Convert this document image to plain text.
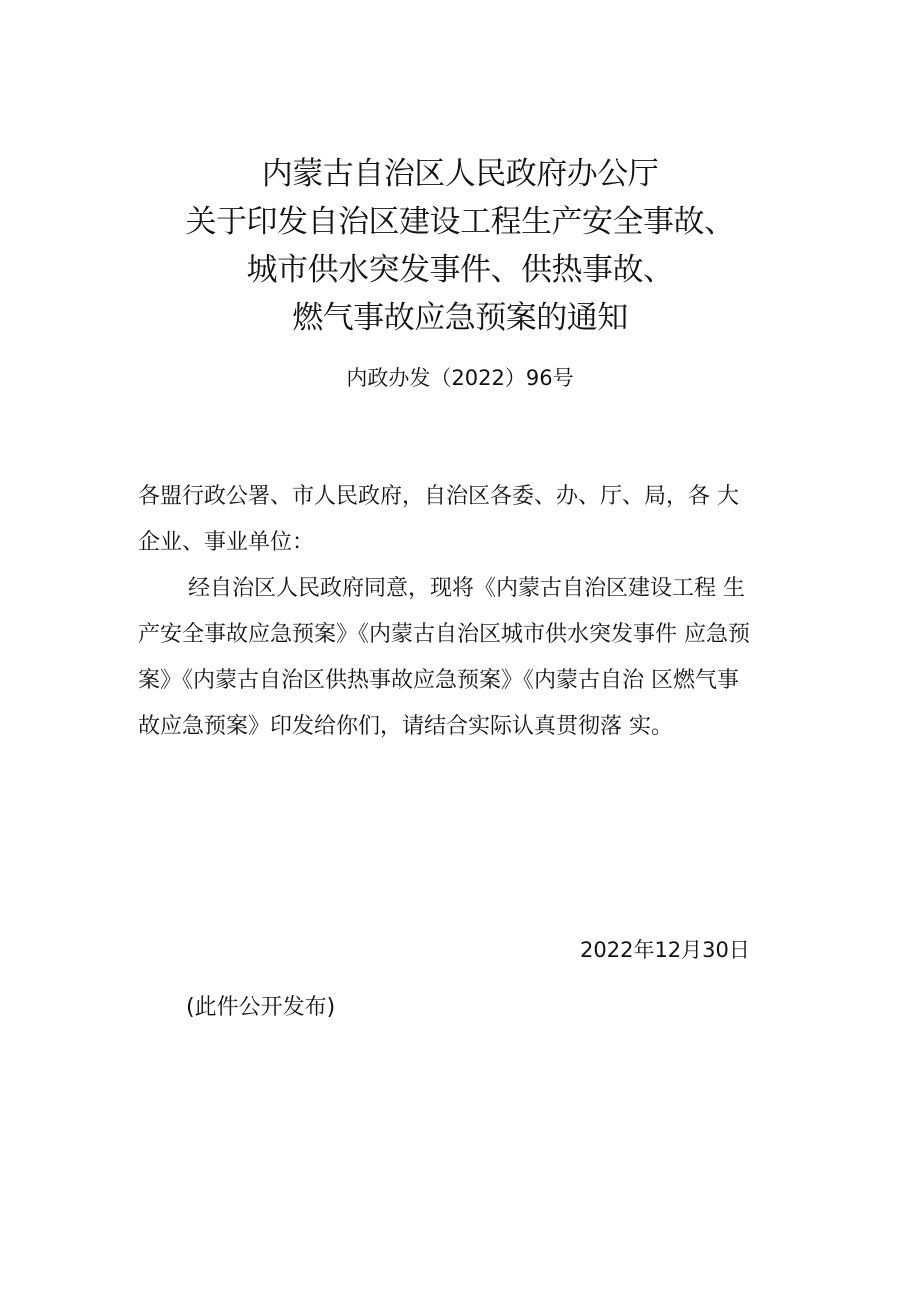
内蒙古自治区人民政府办公厅
关于印发自治区建设工程生产安全事故、
城市供水突发事件、供热事故、
燃气事故应急预案的通知
内政办发（2022）96号
各盟行政公署、市人民政府，自治区各委、办、厅、局，各 大
企业、事业单位：
经自治区人民政府同意，现将《内蒙古自治区建设工程 生
产安全事故应急预案》《内蒙古自治区城市供水突发事件 应急预
案》《内蒙古自治区供热事故应急预案》《内蒙古自治 区燃气事
故应急预案》印发给你们，请结合实际认真贯彻落 实。
2022年12月30日
(此件公开发布)
